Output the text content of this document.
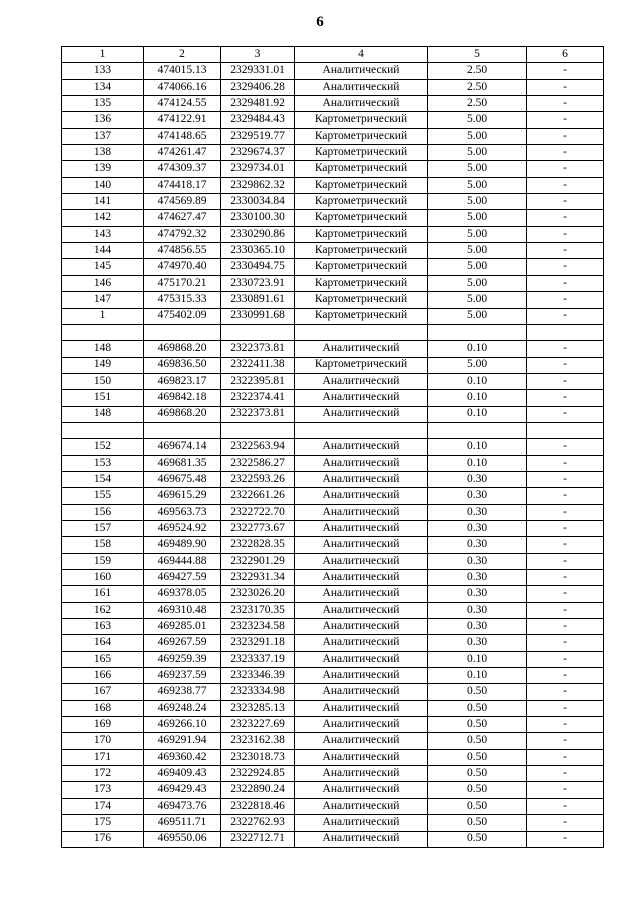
6
1	2	3	4	5	6
133	474015.13	2329331.01	Аналитический	2.50	-
134	474066.16	2329406.28	Аналитический	2.50	-
135	474124.55	2329481.92	Аналитический	2.50	-
136	474122.91	2329484.43	Картометрический	5.00	-
137	474148.65	2329519.77	Картометрический	5.00	-
138	474261.47	2329674.37	Картометрический	5.00	-
139	474309.37	2329734.01	Картометрический	5.00	-
140	474418.17	2329862.32	Картометрический	5.00	-
141	474569.89	2330034.84	Картометрический	5.00	-
142	474627.47	2330100.30	Картометрический	5.00	-
143	474792.32	2330290.86	Картометрический	5.00	-
144	474856.55	2330365.10	Картометрический	5.00	-
145	474970.40	2330494.75	Картометрический	5.00	-
146	475170.21	2330723.91	Картометрический	5.00	-
147	475315.33	2330891.61	Картометрический	5.00	-
1	475402.09	2330991.68	Картометрический	5.00	-

148	469868.20	2322373.81	Аналитический	0.10	-
149	469836.50	2322411.38	Картометрический	5.00	-
150	469823.17	2322395.81	Аналитический	0.10	-
151	469842.18	2322374.41	Аналитический	0.10	-
148	469868.20	2322373.81	Аналитический	0.10	-

152	469674.14	2322563.94	Аналитический	0.10	-
153	469681.35	2322586.27	Аналитический	0.10	-
154	469675.48	2322593.26	Аналитический	0.30	-
155	469615.29	2322661.26	Аналитический	0.30	-
156	469563.73	2322722.70	Аналитический	0.30	-
157	469524.92	2322773.67	Аналитический	0.30	-
158	469489.90	2322828.35	Аналитический	0.30	-
159	469444.88	2322901.29	Аналитический	0.30	-
160	469427.59	2322931.34	Аналитический	0.30	-
161	469378.05	2323026.20	Аналитический	0.30	-
162	469310.48	2323170.35	Аналитический	0.30	-
163	469285.01	2323234.58	Аналитический	0.30	-
164	469267.59	2323291.18	Аналитический	0.30	-
165	469259.39	2323337.19	Аналитический	0.10	-
166	469237.59	2323346.39	Аналитический	0.10	-
167	469238.77	2323334.98	Аналитический	0.50	-
168	469248.24	2323285.13	Аналитический	0.50	-
169	469266.10	2323227.69	Аналитический	0.50	-
170	469291.94	2323162.38	Аналитический	0.50	-
171	469360.42	2323018.73	Аналитический	0.50	-
172	469409.43	2322924.85	Аналитический	0.50	-
173	469429.43	2322890.24	Аналитический	0.50	-
174	469473.76	2322818.46	Аналитический	0.50	-
175	469511.71	2322762.93	Аналитический	0.50	-
176	469550.06	2322712.71	Аналитический	0.50	-
